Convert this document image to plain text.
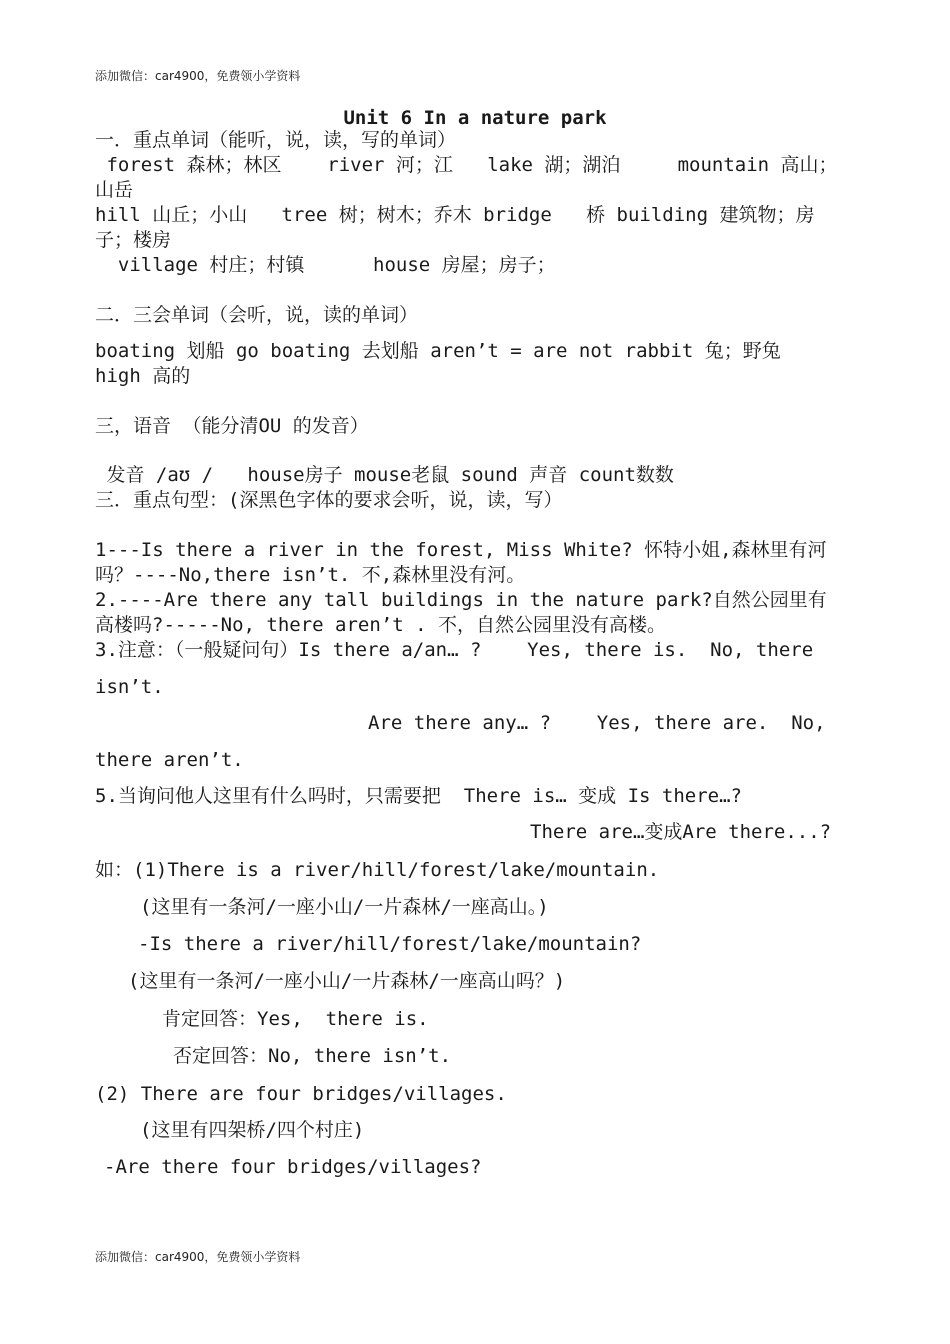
添加微信：car4900，免费领小学资料
Unit 6 In a nature park
一．重点单词（能听，说，读，写的单词）
forest 森林；林区    river 河；江   lake 湖；湖泊     mountain 高山；
山岳
hill 山丘；小山   tree 树；树木；乔木 bridge   桥 building 建筑物；房
子；楼房
village 村庄；村镇      house 房屋；房子；
二．三会单词（会听，说，读的单词）
boating 划船 go boating 去划船 aren’t = are not rabbit 兔；野兔
high 高的
三，语音 （能分清OU 的发音）
发音 /aʊ /   house房子 mouse老鼠 sound 声音 count数数
三．重点句型：(深黑色字体的要求会听，说，读，写）
1---Is there a river in the forest, Miss White? 怀特小姐,森林里有河
吗？----No,there isn’t. 不,森林里没有河。
2.----Are there any tall buildings in the nature park?自然公园里有
高楼吗?-----No, there aren’t . 不，自然公园里没有高楼。
3.注意：（一般疑问句）Is there a/an… ?    Yes, there is.  No, there
isn’t.
Are there any… ?    Yes, there are.  No,
there aren’t.
5.当询问他人这里有什么吗时，只需要把  There is… 变成 Is there…?
There are…变成Are there...?
如：(1)There is a river/hill/forest/lake/mountain.
(这里有一条河/一座小山/一片森林/一座高山。)
-Is there a river/hill/forest/lake/mountain?
(这里有一条河/一座小山/一片森林/一座高山吗？)
肯定回答：Yes,  there is.
否定回答：No, there isn’t.
(2) There are four bridges/villages.
(这里有四架桥/四个村庄)
-Are there four bridges/villages?
添加微信：car4900，免费领小学资料
